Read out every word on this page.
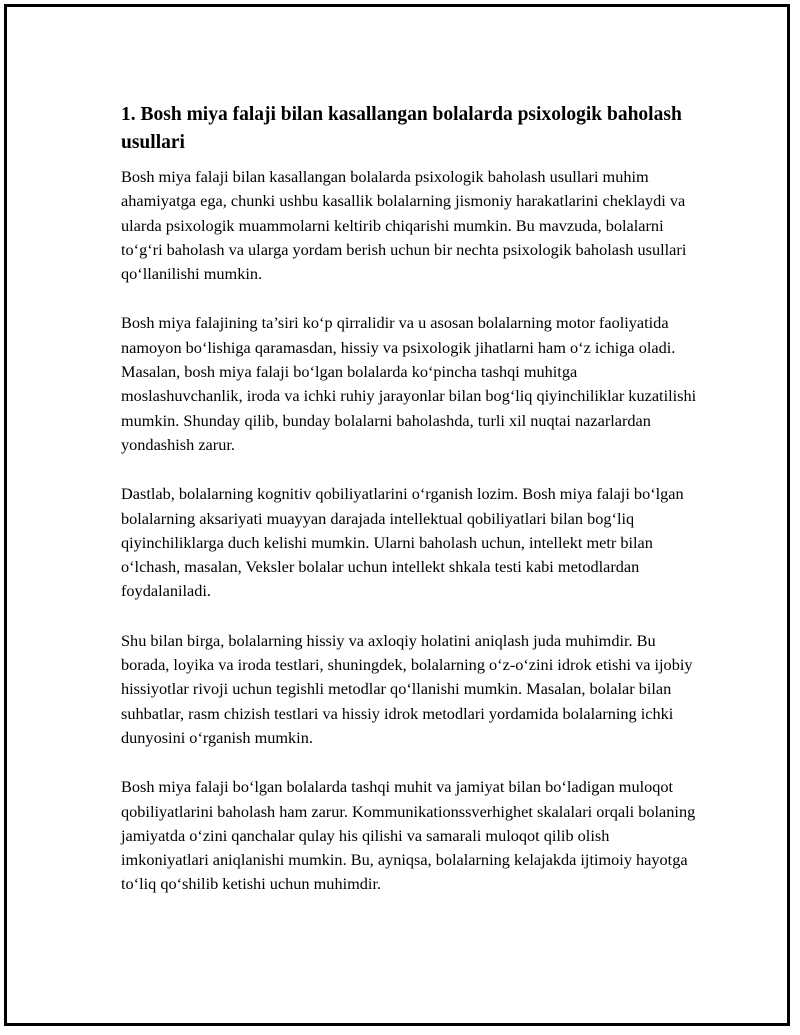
1. Bosh miya falaji bilan kasallangan bolalarda psixologik baholash usullari

Bosh miya falaji bilan kasallangan bolalarda psixologik baholash usullari muhim ahamiyatga ega, chunki ushbu kasallik bolalarning jismoniy harakatlarini cheklaydi va ularda psixologik muammolarni keltirib chiqarishi mumkin. Bu mavzuda, bolalarni to‘g‘ri baholash va ularga yordam berish uchun bir nechta psixologik baholash usullari qo‘llanilishi mumkin.

Bosh miya falajining ta’siri ko‘p qirralidir va u asosan bolalarning motor faoliyatida namoyon bo‘lishiga qaramasdan, hissiy va psixologik jihatlarni ham o‘z ichiga oladi. Masalan, bosh miya falaji bo‘lgan bolalarda ko‘pincha tashqi muhitga moslashuvchanlik, iroda va ichki ruhiy jarayonlar bilan bog‘liq qiyinchiliklar kuzatilishi mumkin. Shunday qilib, bunday bolalarni baholashda, turli xil nuqtai nazarlardan yondashish zarur.

Dastlab, bolalarning kognitiv qobiliyatlarini o‘rganish lozim. Bosh miya falaji bo‘lgan bolalarning aksariyati muayyan darajada intellektual qobiliyatlari bilan bog‘liq qiyinchiliklarga duch kelishi mumkin. Ularni baholash uchun, intellekt metr bilan o‘lchash, masalan, Veksler bolalar uchun intellekt shkala testi kabi metodlardan foydalaniladi.

Shu bilan birga, bolalarning hissiy va axloqiy holatini aniqlash juda muhimdir. Bu borada, loyika va iroda testlari, shuningdek, bolalarning o‘z-o‘zini idrok etishi va ijobiy hissiyotlar rivoji uchun tegishli metodlar qo‘llanishi mumkin. Masalan, bolalar bilan suhbatlar, rasm chizish testlari va hissiy idrok metodlari yordamida bolalarning ichki dunyosini o‘rganish mumkin.

Bosh miya falaji bo‘lgan bolalarda tashqi muhit va jamiyat bilan bo‘ladigan muloqot qobiliyatlarini baholash ham zarur. Kommunikationssverhighet skalalari orqali bolaning jamiyatda o‘zini qanchalar qulay his qilishi va samarali muloqot qilib olish imkoniyatlari aniqlanishi mumkin. Bu, ayniqsa, bolalarning kelajakda ijtimoiy hayotga to‘liq qo‘shilib ketishi uchun muhimdir.
